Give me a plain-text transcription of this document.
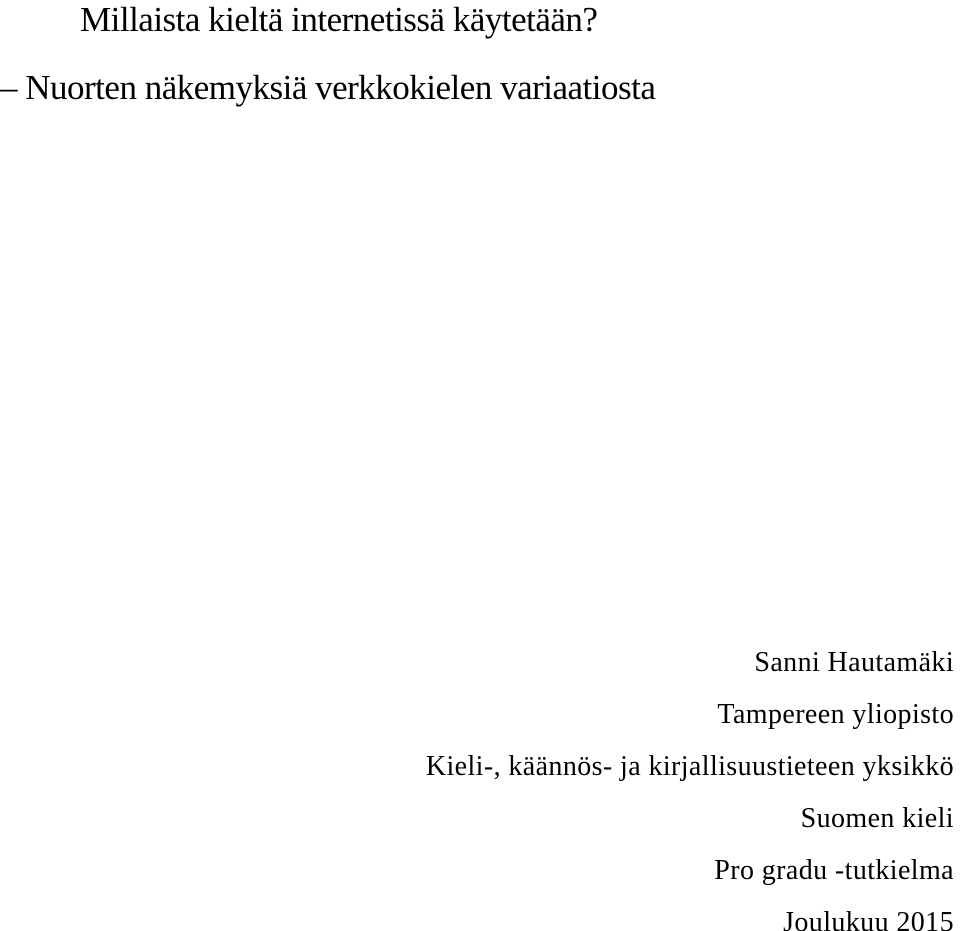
Millaista kieltä internetissä käytetään?
– Nuorten näkemyksiä verkkokielen variaatiosta
Sanni Hautamäki
Tampereen yliopisto
Kieli-, käännös- ja kirjallisuustieteen yksikkö
Suomen kieli
Pro gradu -tutkielma
Joulukuu 2015
